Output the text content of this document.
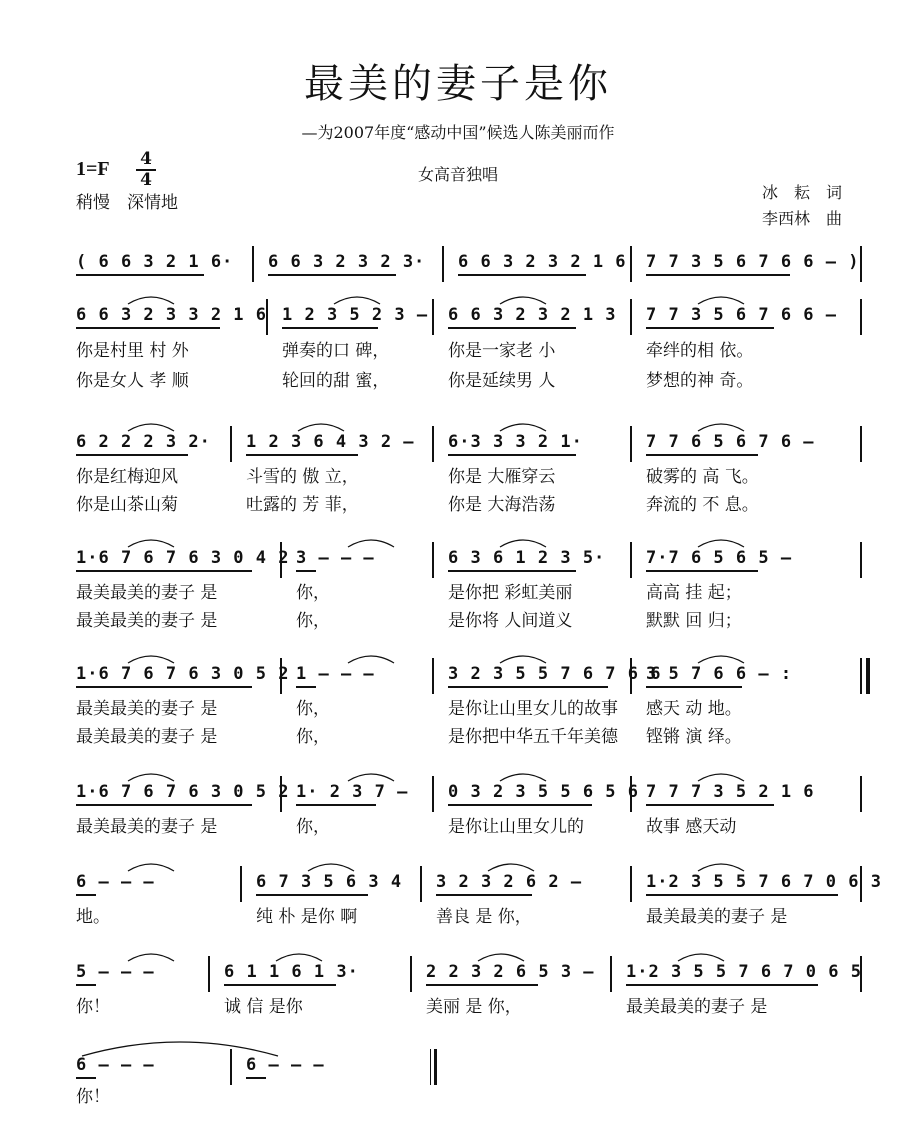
最美的妻子是你
—为2007年度“感动中国”候选人陈美丽而作
1=F 4
4
稍慢　深情地
女高音独唱
冰　耘　词
李西林　曲
( 6 6 3 2 1 6· 6 6 3 2 3 2 3· 6 6 3 2 3 2 1 6 7 7 3 5 6 7 6 6 – )
6 6 3 2 3 3 2 1 6 1 2 3 5 2 3 – 6 6 3 2 3 2 1 3 7 7 3 5 6 7 6 6 –
你是村里 村 外	弹奏的口 碑，	你是一家老 小	牵绊的相 依。
你是女人 孝 顺	轮回的甜 蜜，	你是延续男 人	梦想的神 奇。
6 2 2 2 3 2· 1 2 3 6 4 3 2 – 6·3 3 3 2 1·	7 7 6 5 6 7 6 –
你是红梅迎风	斗雪的 傲 立，	你是 大雁穿云	破雾的 高 飞。
你是山茶山菊	吐露的 芳 菲，	你是 大海浩荡	奔流的 不 息。
1·6 7 6 7 6 3 0 4 2 3 – – –	6 3 6 1 2 3 5· 7·7 6 5 6 5 –
最美最美的妻子 是	你，	是你把 彩虹美丽	高高 挂 起；
最美最美的妻子 是	你，	是你将 人间道义	默默 回 归；
1·6 7 6 7 6 3 0 5 2 1 – – –	3 2 3 5 5 7 6 7 6 6
3 5 7 6 6 – :
最美最美的妻子 是	你，	是你让山里女儿的故事 感天 动 地。
最美最美的妻子 是	你，	是你把中华五千年美德 铿锵 演 绎。
1·6 7 6 7 6 3 0 5 2 1· 2 3 7 – 0 3 2 3 5 5 6 5 6 7 7 7 3 5 2 1 6
最美最美的妻子 是	你，	是你让山里女儿的	故事 感天动
6 – – –	6 7 3 5 6 3 4 3 2 3 2 6 2 –	1·2 3 5 5 7 6 7 0 6 3
地。	纯 朴 是你 啊	善良 是 你，	最美最美的妻子 是
5 – – –	6 1 1 6 1 3·	2 2 3 2 6 5 3 – 1·2 3 5 5 7 6 7 0 6 5
你！	诚 信 是你	美丽 是 你，	最美最美的妻子 是
6 – – –	6 – – –
你！
